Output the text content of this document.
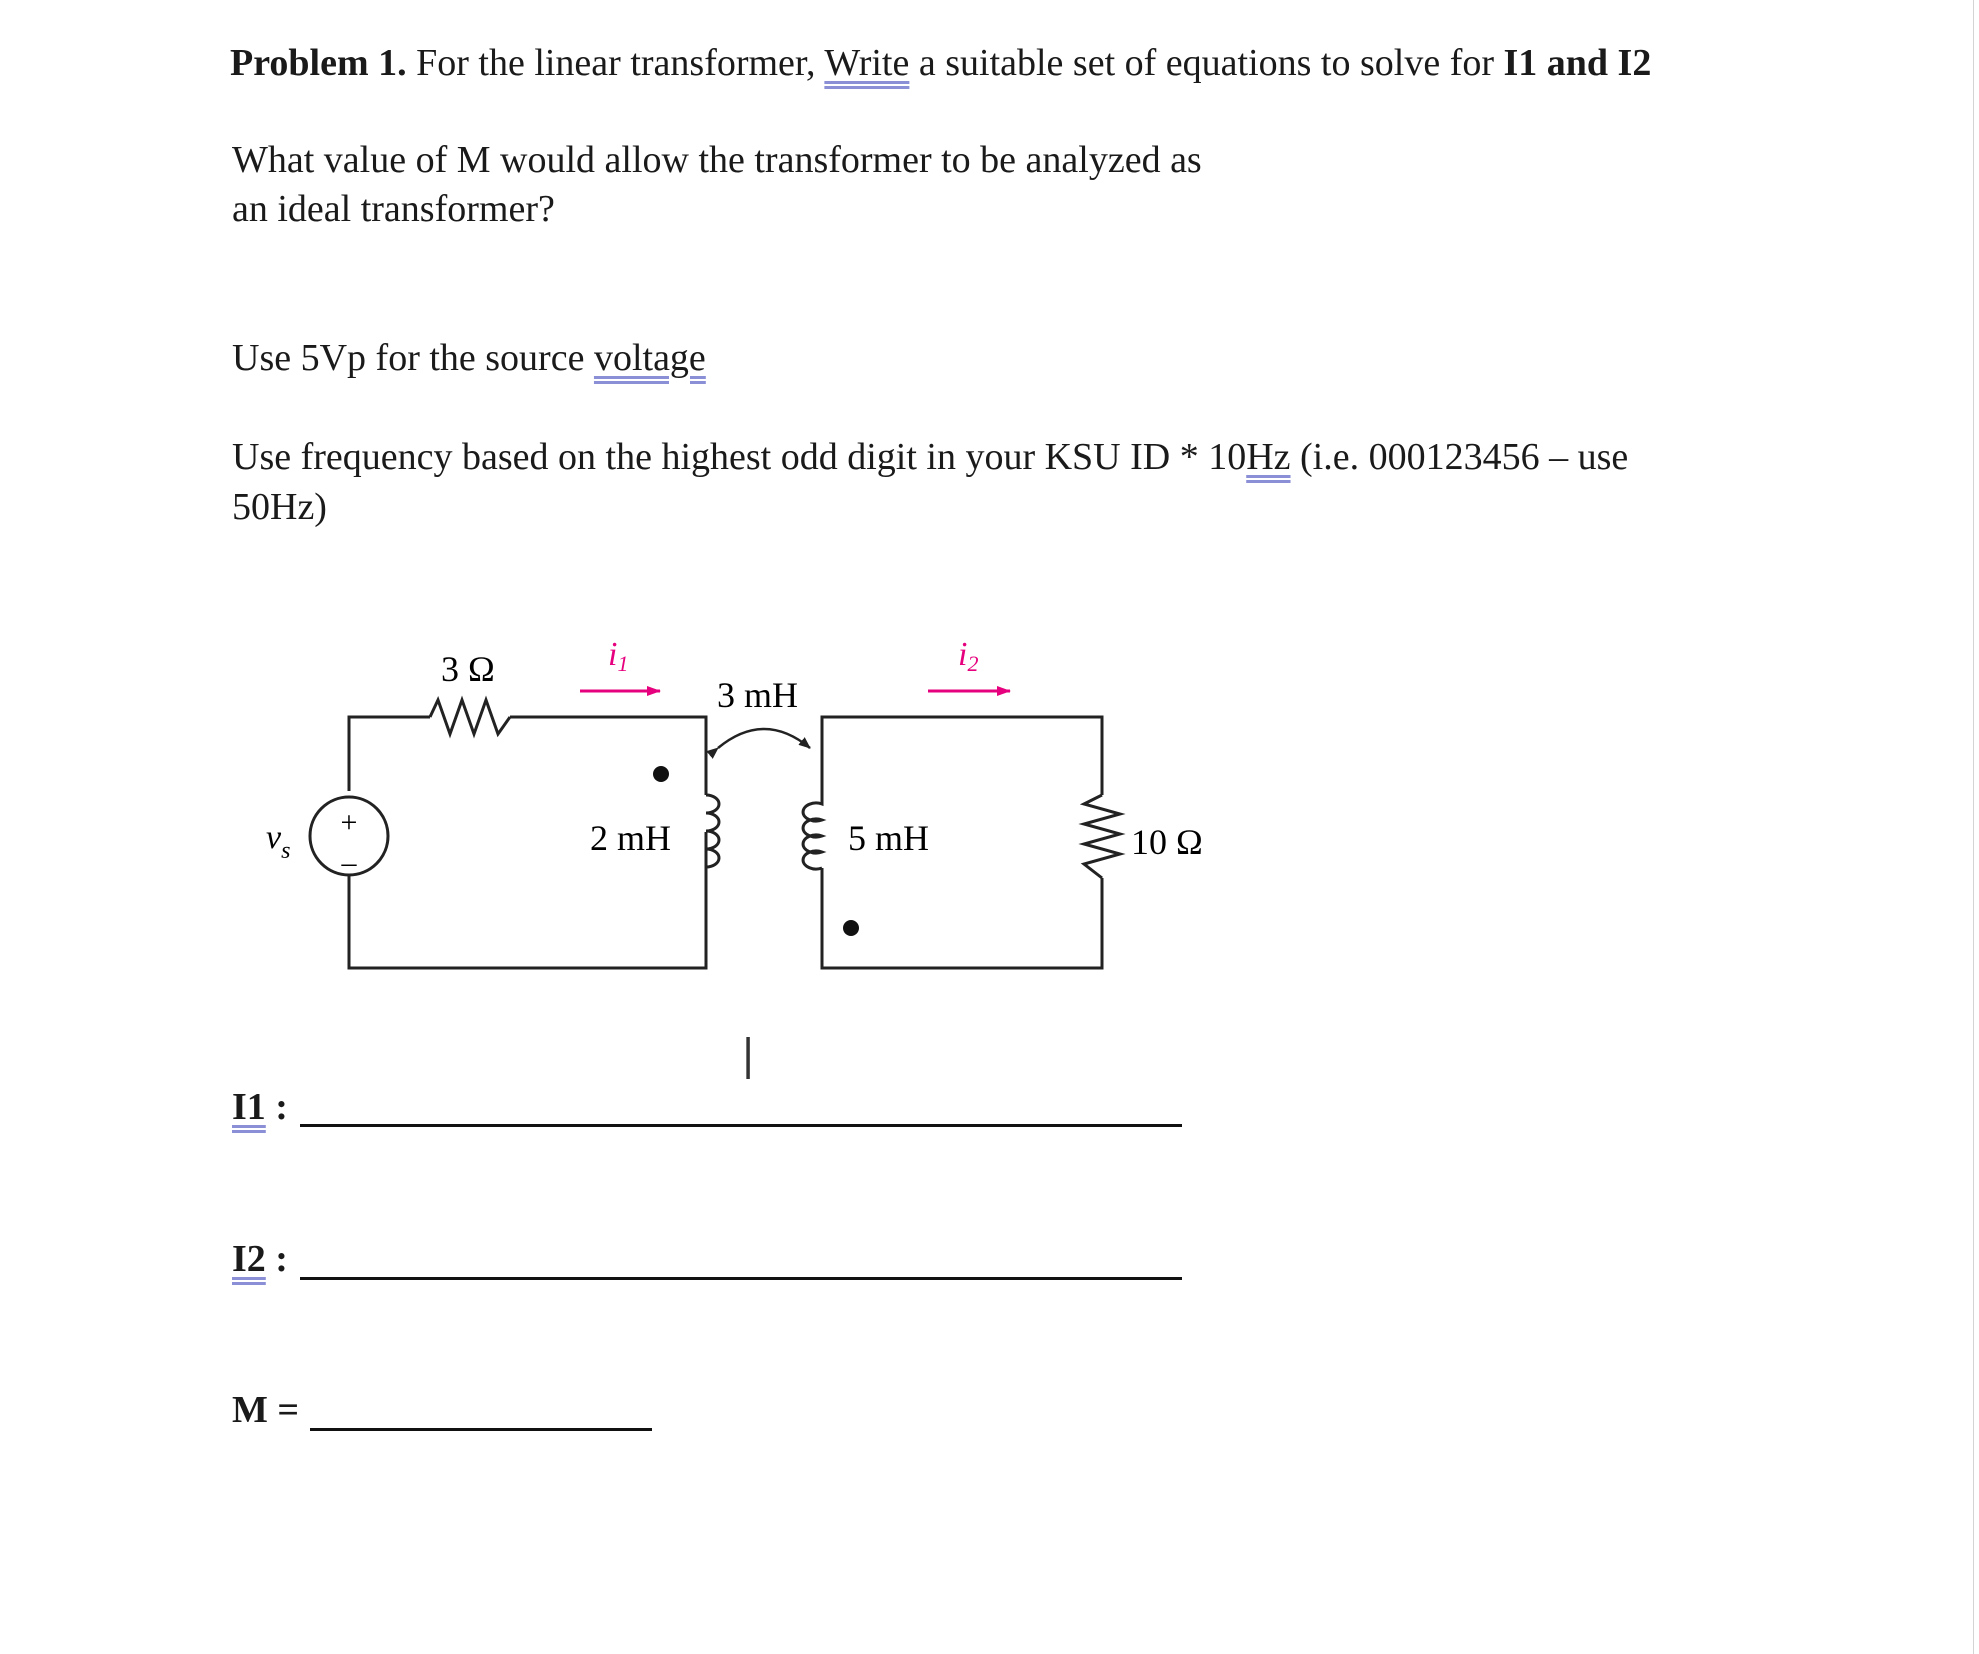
Problem 1. For the linear transformer, Write a suitable set of equations to solve for I1 and I2
What value of M would allow the transformer to be analyzed as
an ideal transformer?
Use 5Vp for the source voltage
Use frequency based on the highest odd digit in your KSU ID * 10Hz (i.e. 000123456 – use
50Hz)
+
–
$v_s$	2 mH	5 mH	10 Ω
3 Ω	i1	i2
3 mH
|
I1 :
I2 :
M =
